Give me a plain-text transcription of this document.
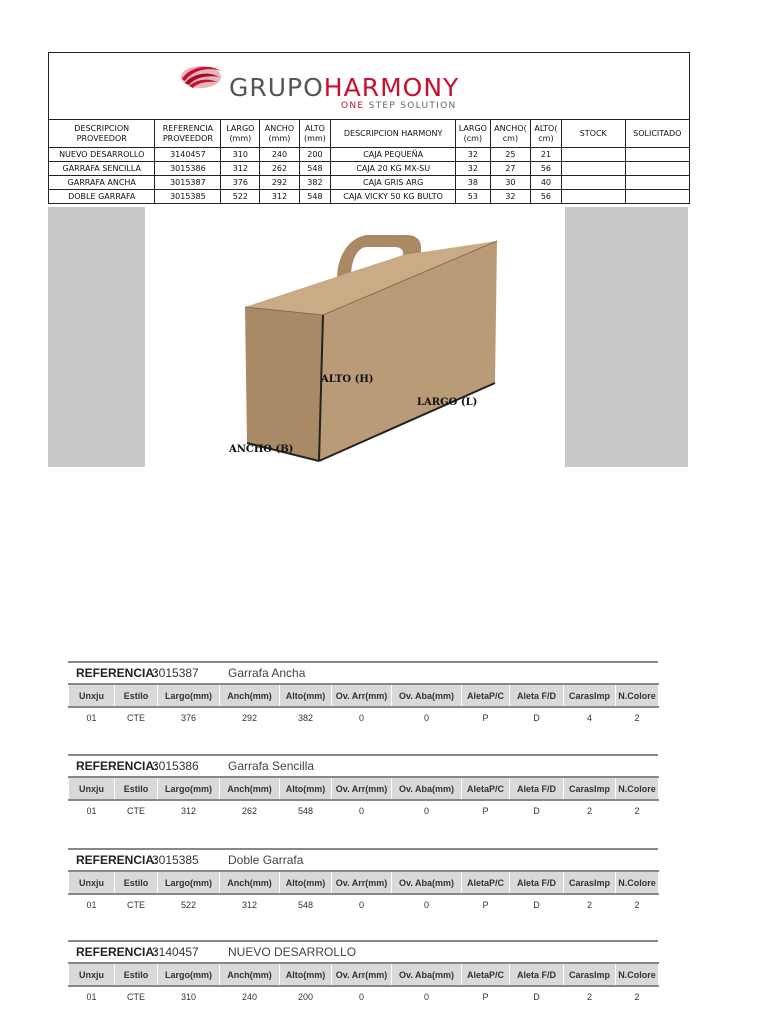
GRUPOHARMONY
ONE STEP SOLUTION
DESCRIPCION PROVEEDOR	REFERENCIA PROVEEDOR	LARGO (mm)	ANCHO (mm)	ALTO (mm)	DESCRIPCION HARMONY	LARGO (cm)	ANCHO( cm)	ALTO( cm)	STOCK	SOLICITADO
NUEVO DESARROLLO	3140457	310	240	200	CAJA PEQUEÑA	32	25	21		
GARRAFA SENCILLA	3015386	312	262	548	CAJA 20 KG MX-SU	32	27	56		
GARRAFA ANCHA	3015387	376	292	382	CAJA GRIS ARG	38	30	40		
DOBLE GARRAFA	3015385	522	312	548	CAJA VICKY 50 KG BULTO	53	32	56		
ALTO (H)
LARGO (L)
ANCHO (B)
REFERENCIA:
3015387 Garrafa Ancha
Unxju	Estilo	Largo(mm)	Anch(mm)	Alto(mm)	Ov. Arr(mm)	Ov. Aba(mm)	AletaP/C	Aleta F/D	CarasImp	N.Colore
01	CTE	376	292	382	0	0	P	D	4	2
REFERENCIA:
3015386 Garrafa Sencilla
Unxju	Estilo	Largo(mm)	Anch(mm)	Alto(mm)	Ov. Arr(mm)	Ov. Aba(mm)	AletaP/C	Aleta F/D	CarasImp	N.Colore
01	CTE	312	262	548	0	0	P	D	2	2
REFERENCIA:
3015385 Doble Garrafa
Unxju	Estilo	Largo(mm)	Anch(mm)	Alto(mm)	Ov. Arr(mm)	Ov. Aba(mm)	AletaP/C	Aleta F/D	CarasImp	N.Colore
01	CTE	522	312	548	0	0	P	D	2	2
REFERENCIA:
3140457 NUEVO DESARROLLO
Unxju	Estilo	Largo(mm)	Anch(mm)	Alto(mm)	Ov. Arr(mm)	Ov. Aba(mm)	AletaP/C	Aleta F/D	CarasImp	N.Colore
01	CTE	310	240	200	0	0	P	D	2	2
